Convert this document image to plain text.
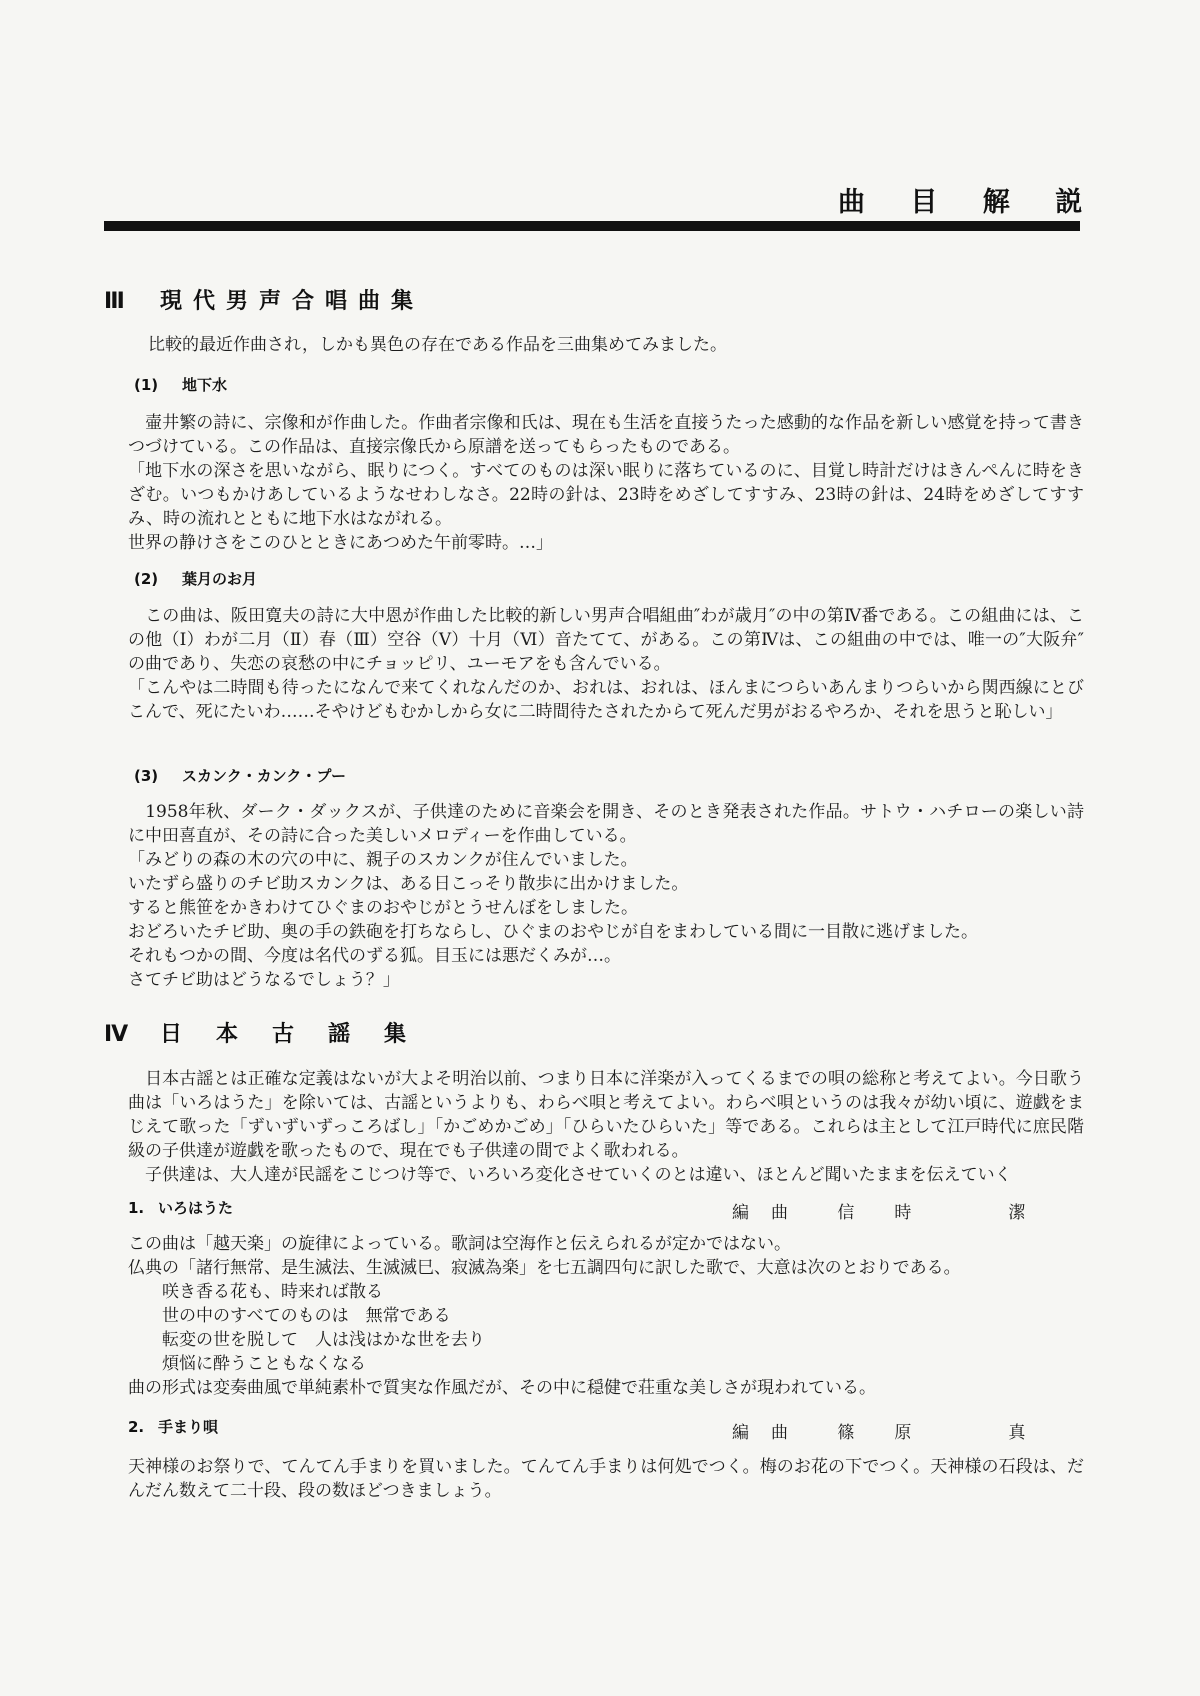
曲 目 解 説
Ⅲ 現代男声合唱曲集
比較的最近作曲され，しかも異色の存在である作品を三曲集めてみました。
(1) 地下水
　壷井繁の詩に、宗像和が作曲した。作曲者宗像和氏は、現在も生活を直接うたった感動的な作品を新しい感覚を持って書きつづけている。この作品は、直接宗像氏から原譜を送ってもらったものである。
「地下水の深さを思いながら、眠りにつく。すべてのものは深い眠りに落ちているのに、目覚し時計だけはきんぺんに時をきざむ。いつもかけあしているようなせわしなさ。22時の針は、23時をめざしてすすみ、23時の針は、24時をめざしてすすみ、時の流れとともに地下水はながれる。
世界の静けさをこのひとときにあつめた午前零時。…」
(2) 葉月のお月
　この曲は、阪田寛夫の詩に大中恩が作曲した比較的新しい男声合唱組曲″わが歳月″の中の第Ⅳ番である。この組曲には、この他（Ⅰ）わが二月（Ⅱ）春（Ⅲ）空谷（Ⅴ）十月（Ⅵ）音たてて、がある。この第Ⅳは、この組曲の中では、唯一の″大阪弁″の曲であり、失恋の哀愁の中にチョッピリ、ユーモアをも含んでいる。
「こんやは二時間も待ったになんで来てくれなんだのか、おれは、おれは、ほんまにつらいあんまりつらいから関西線にとびこんで、死にたいわ……そやけどもむかしから女に二時間待たされたからて死んだ男がおるやろか、それを思うと恥しい」
(3) スカンク・カンク・プー
　1958年秋、ダーク・ダックスが、子供達のために音楽会を開き、そのとき発表された作品。サトウ・ハチローの楽しい詩に中田喜直が、その詩に合った美しいメロディーを作曲している。
「みどりの森の木の穴の中に、親子のスカンクが住んでいました。
いたずら盛りのチビ助スカンクは、ある日こっそり散歩に出かけました。
すると熊笹をかきわけてひぐまのおやじがとうせんぼをしました。
おどろいたチビ助、奥の手の鉄砲を打ちならし、ひぐまのおやじが自をまわしている間に一目散に逃げました。
それもつかの間、今度は名代のずる狐。目玉には悪だくみが…。
さてチビ助はどうなるでしょう？」
Ⅳ 日本古謡集
　日本古謡とは正確な定義はないが大よそ明治以前、つまり日本に洋楽が入ってくるまでの唄の総称と考えてよい。今日歌う曲は「いろはうた」を除いては、古謡というよりも、わらべ唄と考えてよい。わらべ唄というのは我々が幼い頃に、遊戯をまじえて歌った「ずいずいずっころばし」「かごめかごめ」「ひらいたひらいた」等である。これらは主として江戸時代に庶民階級の子供達が遊戯を歌ったもので、現在でも子供達の間でよく歌われる。
　子供達は、大人達が民謡をこじつけ等で、いろいろ変化させていくのとは違い、ほとんど聞いたままを伝えていく
1. いろはうた	編曲 信時　潔
この曲は「越天楽」の旋律によっている。歌詞は空海作と伝えられるが定かではない。
仏典の「諸行無常、是生滅法、生滅滅巳、寂滅為楽」を七五調四句に訳した歌で、大意は次のとおりである。
　　咲き香る花も、時来れば散る
　　世の中のすべてのものは　無常である
　　転変の世を脱して　人は浅はかな世を去り
　　煩悩に酔うこともなくなる
曲の形式は変奏曲風で単純素朴で質実な作風だが、その中に穏健で荘重な美しさが現われている。
2. 手まり唄	編曲 篠原　真
天神様のお祭りで、てんてん手まりを買いました。てんてん手まりは何処でつく。梅のお花の下でつく。天神様の石段は、だんだん数えて二十段、段の数ほどつきましょう。
